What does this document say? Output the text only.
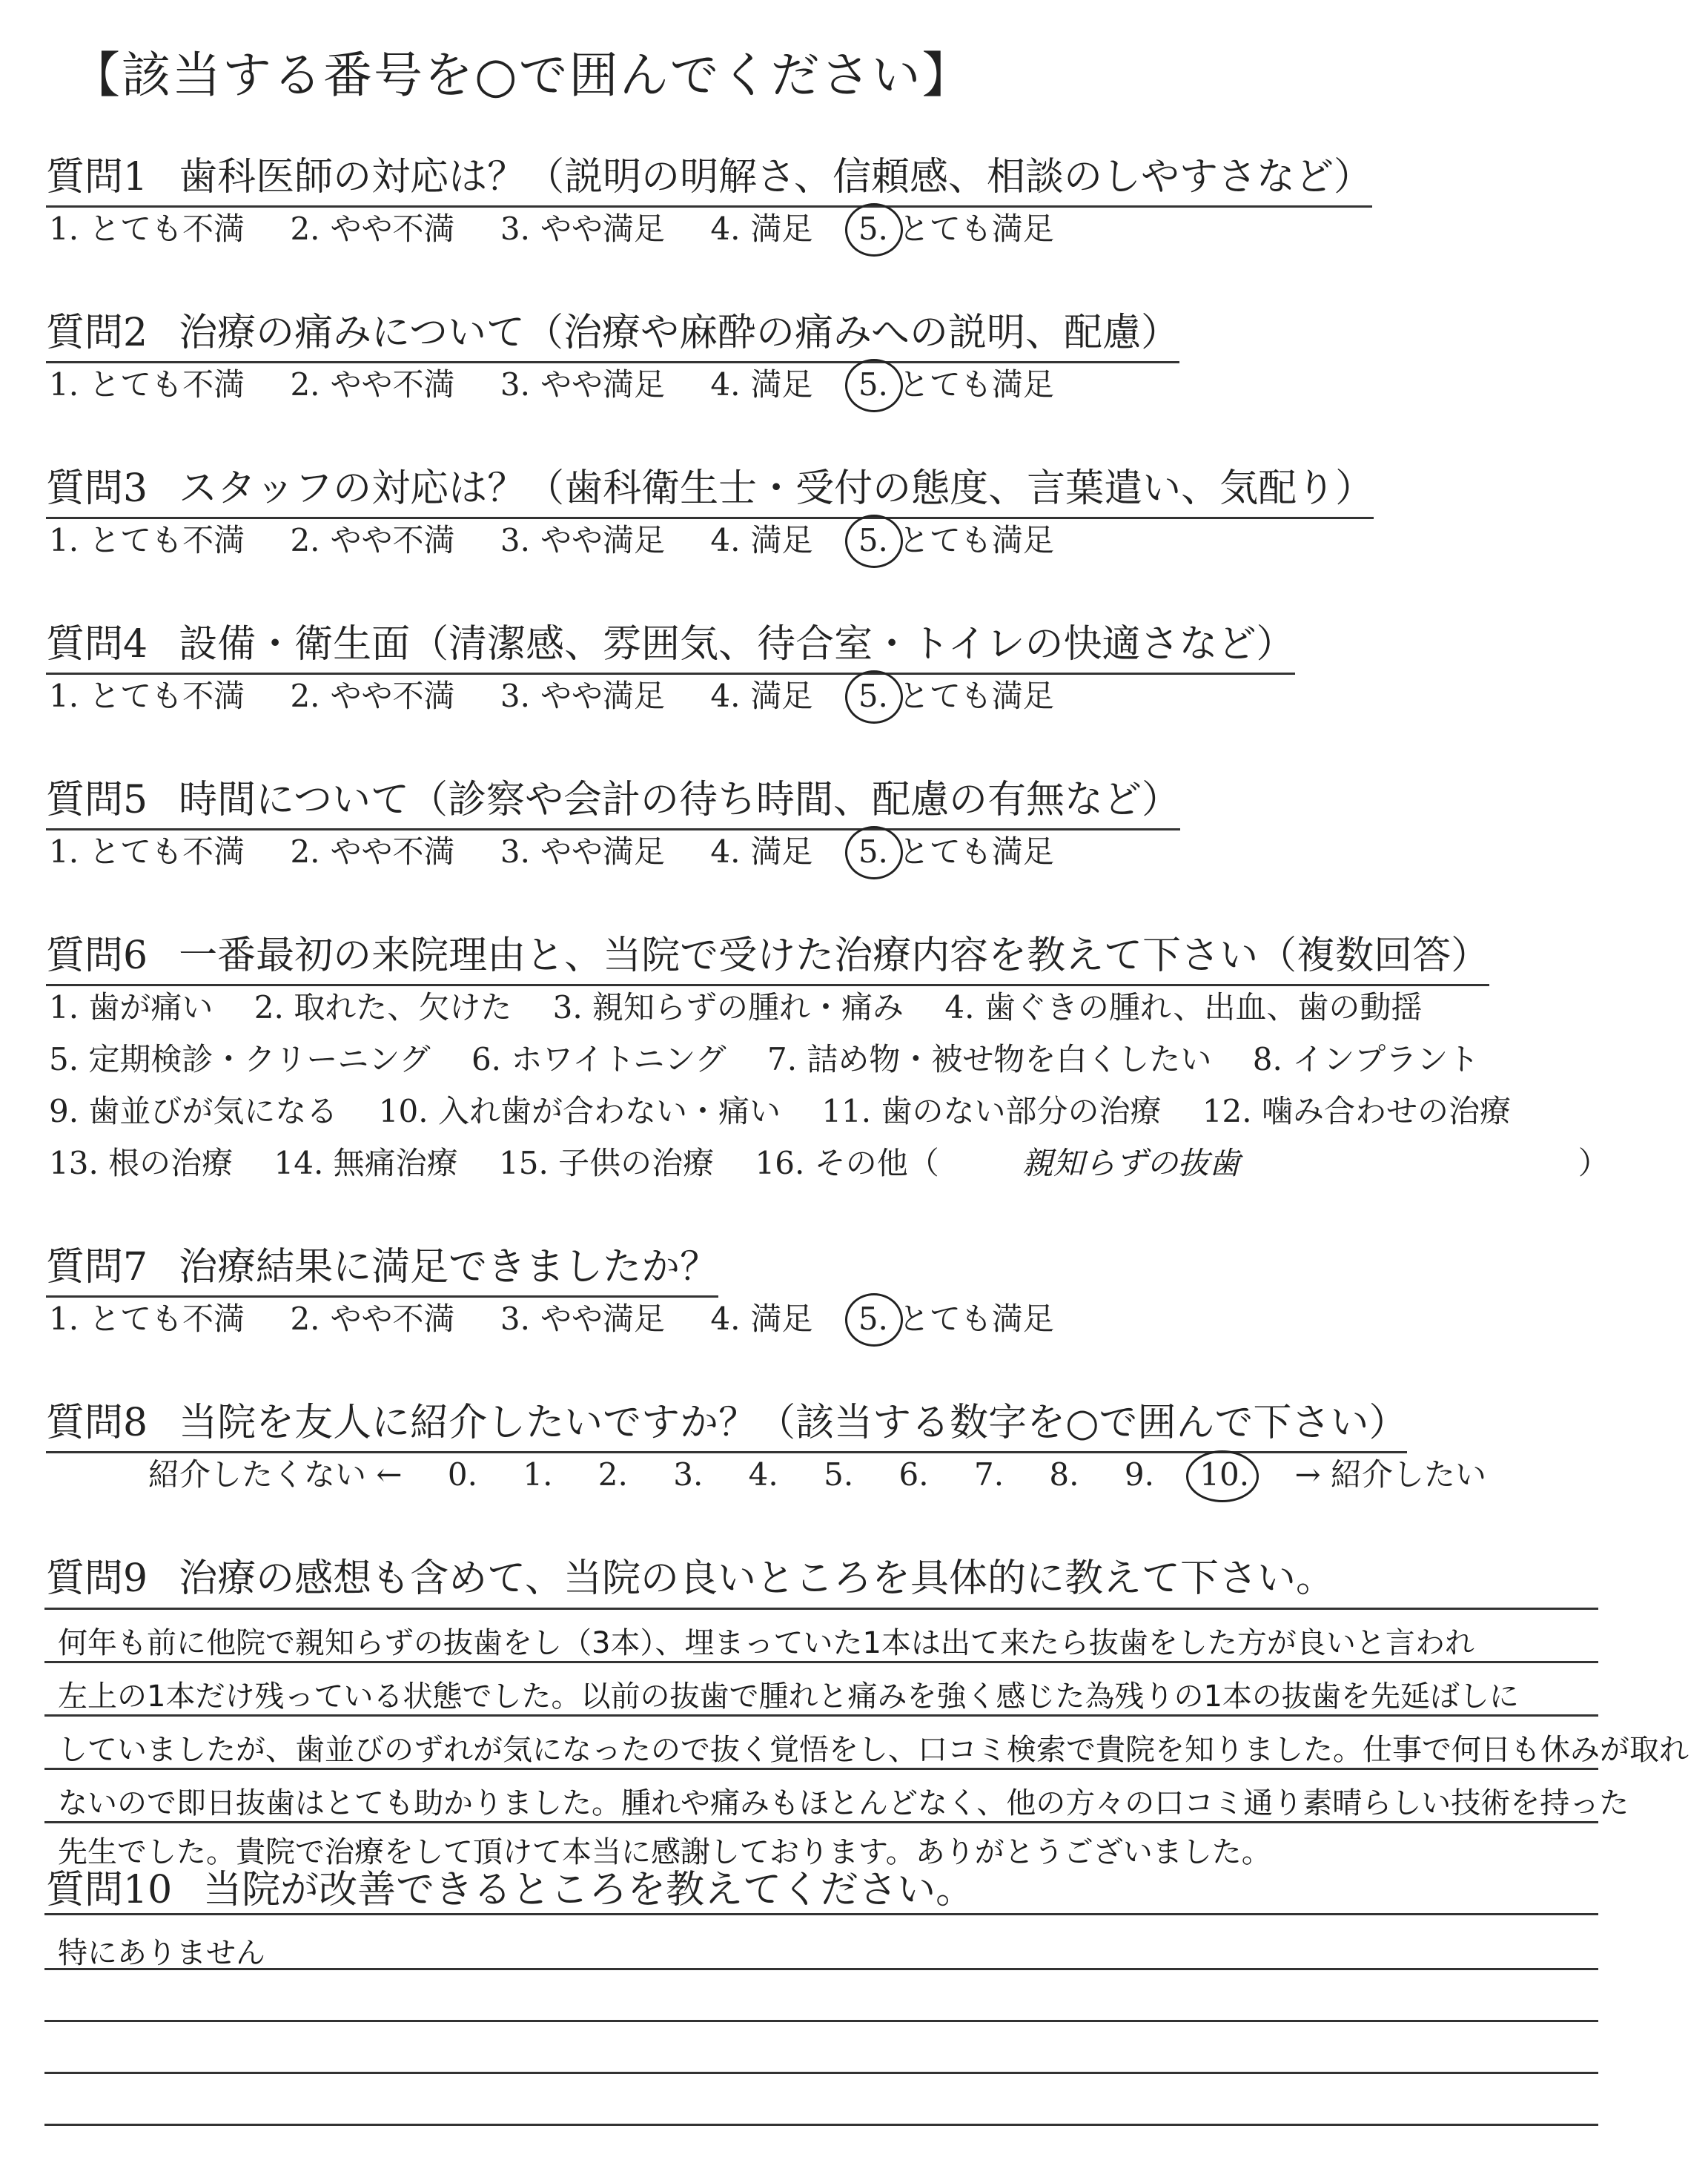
【該当する番号を○で囲んでください】
質問1 歯科医師の対応は？（説明の明解さ、信頼感、相談のしやすさなど）
1. とても不満 2. やや不満 3. やや満足 4. 満足 5. とても満足
質問2 治療の痛みについて（治療や麻酔の痛みへの説明、配慮）
1. とても不満 2. やや不満 3. やや満足 4. 満足 5. とても満足
質問3 スタッフの対応は？（歯科衛生士・受付の態度、言葉遣い、気配り）
1. とても不満 2. やや不満 3. やや満足 4. 満足 5. とても満足
質問4 設備・衛生面（清潔感、雰囲気、待合室・トイレの快適さなど）
1. とても不満 2. やや不満 3. やや満足 4. 満足 5. とても満足
質問5 時間について（診察や会計の待ち時間、配慮の有無など）
1. とても不満 2. やや不満 3. やや満足 4. 満足 5. とても満足
質問6 一番最初の来院理由と、当院で受けた治療内容を教えて下さい（複数回答）
1. 歯が痛い 2. 取れた、欠けた 3. 親知らずの腫れ・痛み 4. 歯ぐきの腫れ、出血、歯の動揺
5. 定期検診・クリーニング 6. ホワイトニング 7. 詰め物・被せ物を白くしたい 8. インプラント
9. 歯並びが気になる 10. 入れ歯が合わない・痛い 11. 歯のない部分の治療 12. 噛み合わせの治療
13. 根の治療 14. 無痛治療 15. 子供の治療 16. その他（	親知らずの抜歯	）
質問7 治療結果に満足できましたか？
1. とても不満 2. やや不満 3. やや満足 4. 満足 5. とても満足
質問8 当院を友人に紹介したいですか？（該当する数字を○で囲んで下さい）
紹介したくない ← 0. 1. 2. 3. 4. 5. 6. 7. 8. 9. 10. → 紹介したい
質問9 治療の感想も含めて、当院の良いところを具体的に教えて下さい。
何年も前に他院で親知らずの抜歯をし（3本）、埋まっていた1本は出て来たら抜歯をした方が良いと言われ
左上の1本だけ残っている状態でした。以前の抜歯で腫れと痛みを強く感じた為残りの1本の抜歯を先延ばしに
していましたが、歯並びのずれが気になったので抜く覚悟をし、口コミ検索で貴院を知りました。仕事で何日も休みが取れ
ないので即日抜歯はとても助かりました。腫れや痛みもほとんどなく、他の方々の口コミ通り素晴らしい技術を持った
先生でした。貴院で治療をして頂けて本当に感謝しております。ありがとうございました。
質問10 当院が改善できるところを教えてください。
特にありません
